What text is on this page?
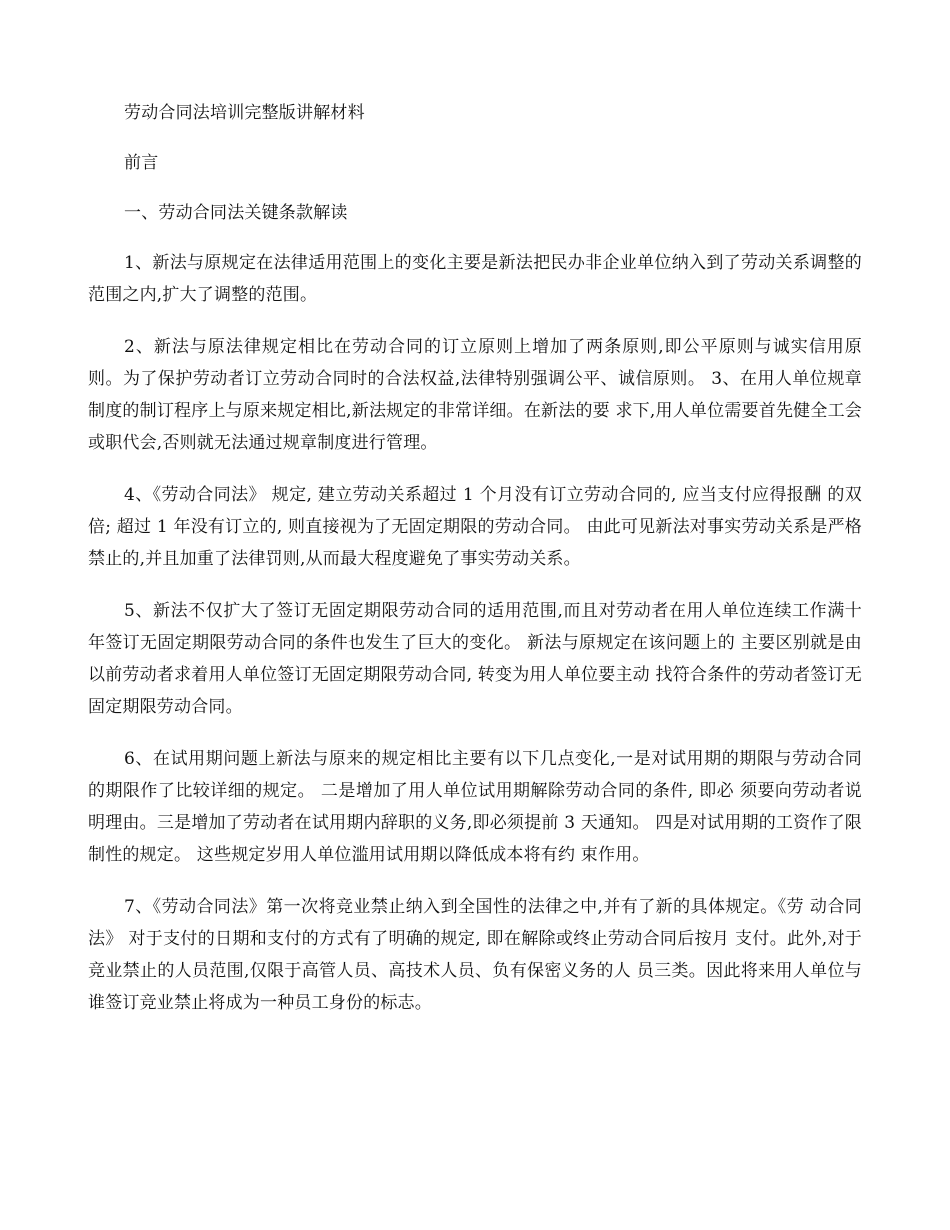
劳动合同法培训完整版讲解材料

前言

一、劳动合同法关键条款解读

1、新法与原规定在法律适用范围上的变化主要是新法把民办非企业单位纳入到了劳动关系调整的范围之内,扩大了调整的范围。

2、新法与原法律规定相比在劳动合同的订立原则上增加了两条原则,即公平原则与诚实信用原则。为了保护劳动者订立劳动合同时的合法权益,法律特别强调公平、诚信原则。 3、在用人单位规章制度的制订程序上与原来规定相比,新法规定的非常详细。在新法的要 求下,用人单位需要首先健全工会或职代会,否则就无法通过规章制度进行管理。

4、《劳动合同法》 规定, 建立劳动关系超过 1 个月没有订立劳动合同的, 应当支付应得报酬 的双倍; 超过 1 年没有订立的, 则直接视为了无固定期限的劳动合同。 由此可见新法对事实劳动关系是严格禁止的,并且加重了法律罚则,从而最大程度避免了事实劳动关系。

5、新法不仅扩大了签订无固定期限劳动合同的适用范围,而且对劳动者在用人单位连续工作满十年签订无固定期限劳动合同的条件也发生了巨大的变化。 新法与原规定在该问题上的 主要区别就是由以前劳动者求着用人单位签订无固定期限劳动合同, 转变为用人单位要主动 找符合条件的劳动者签订无固定期限劳动合同。

6、在试用期问题上新法与原来的规定相比主要有以下几点变化,一是对试用期的期限与劳动合同的期限作了比较详细的规定。 二是增加了用人单位试用期解除劳动合同的条件, 即必 须要向劳动者说明理由。三是增加了劳动者在试用期内辞职的义务,即必须提前 3 天通知。 四是对试用期的工资作了限制性的规定。 这些规定岁用人单位滥用试用期以降低成本将有约 束作用。

7、《劳动合同法》第一次将竞业禁止纳入到全国性的法律之中,并有了新的具体规定。《劳 动合同法》 对于支付的日期和支付的方式有了明确的规定, 即在解除或终止劳动合同后按月 支付。此外,对于竞业禁止的人员范围,仅限于高管人员、高技术人员、负有保密义务的人 员三类。因此将来用人单位与谁签订竞业禁止将成为一种员工身份的标志。
